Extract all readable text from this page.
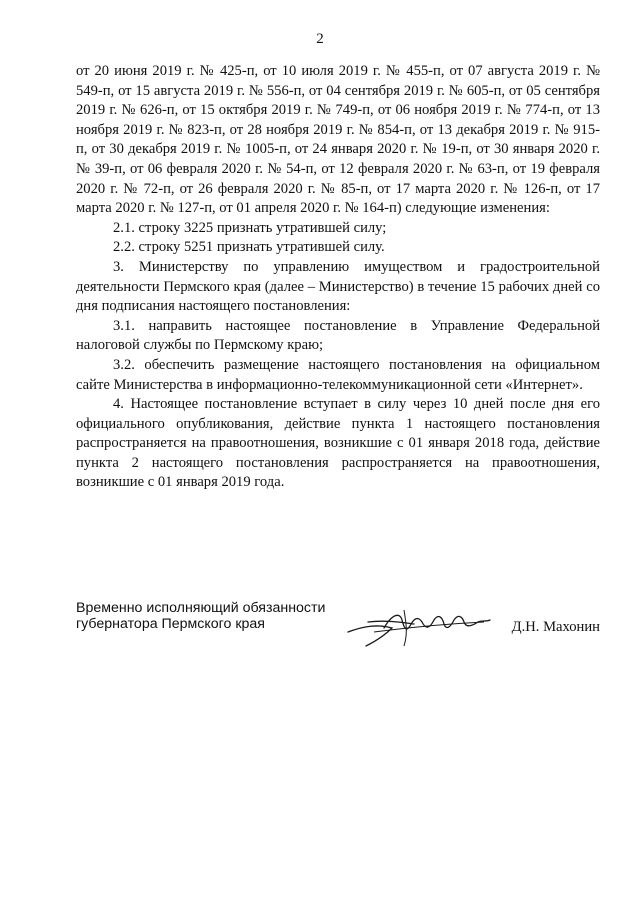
2

от 20 июня 2019 г. № 425-п, от 10 июля 2019 г. № 455-п, от 07 августа 2019 г. № 549-п, от 15 августа 2019 г. № 556-п, от 04 сентября 2019 г. № 605-п, от 05 сентября 2019 г. № 626-п, от 15 октября 2019 г. № 749-п, от 06 ноября 2019 г. № 774-п, от 13 ноября 2019 г. № 823-п, от 28 ноября 2019 г. № 854-п, от 13 декабря 2019 г. № 915-п, от 30 декабря 2019 г. № 1005-п, от 24 января 2020 г. № 19-п, от 30 января 2020 г. № 39-п, от 06 февраля 2020 г. № 54-п, от 12 февраля 2020 г. № 63-п, от 19 февраля 2020 г. № 72-п, от 26 февраля 2020 г. № 85-п, от 17 марта 2020 г. № 126-п, от 17 марта 2020 г. № 127-п, от 01 апреля 2020 г. № 164-п) следующие изменения:

2.1. строку 3225 признать утратившей силу;

2.2. строку 5251 признать утратившей силу.

3. Министерству по управлению имуществом и градостроительной деятельности Пермского края (далее – Министерство) в течение 15 рабочих дней со дня подписания настоящего постановления:

3.1. направить настоящее постановление в Управление Федеральной налоговой службы по Пермскому краю;

3.2. обеспечить размещение настоящего постановления на официальном сайте Министерства в информационно-телекоммуникационной сети «Интернет».

4. Настоящее постановление вступает в силу через 10 дней после дня его официального опубликования, действие пункта 1 настоящего постановления распространяется на правоотношения, возникшие с 01 января 2018 года, действие пункта 2 настоящего постановления распространяется на правоотношения, возникшие с 01 января 2019 года.

Временно исполняющий обязанности
губернатора Пермского края	Д.Н. Махонин
